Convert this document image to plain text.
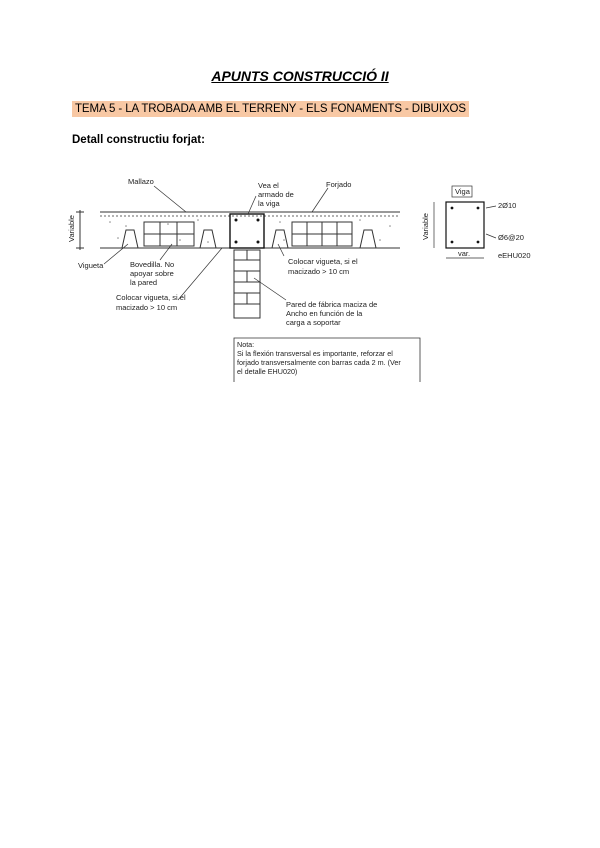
APUNTS CONSTRUCCIÓ II
TEMA 5 - LA TROBADA AMB EL TERRENY - ELS FONAMENTS - DIBUIXOS
Detall constructiu forjat:
Variable
Mallazo	Vea el
armado de
la viga
Forjado
Vigueta	Bovedilla. No
apoyar sobre
la pared
Colocar vigueta, si el
macizado > 10 cm
Colocar vigueta, si el
macizado > 10 cm	Pared de fábrica maciza de
Ancho en función de la
carga a soportar
Viga
2Ø10
Ø6@20
Variable
var.	eEHU020
Nota:
Si la flexión transversal es importante, reforzar el
forjado transversalmente con barras cada 2 m. (Ver
el detalle EHU020)
